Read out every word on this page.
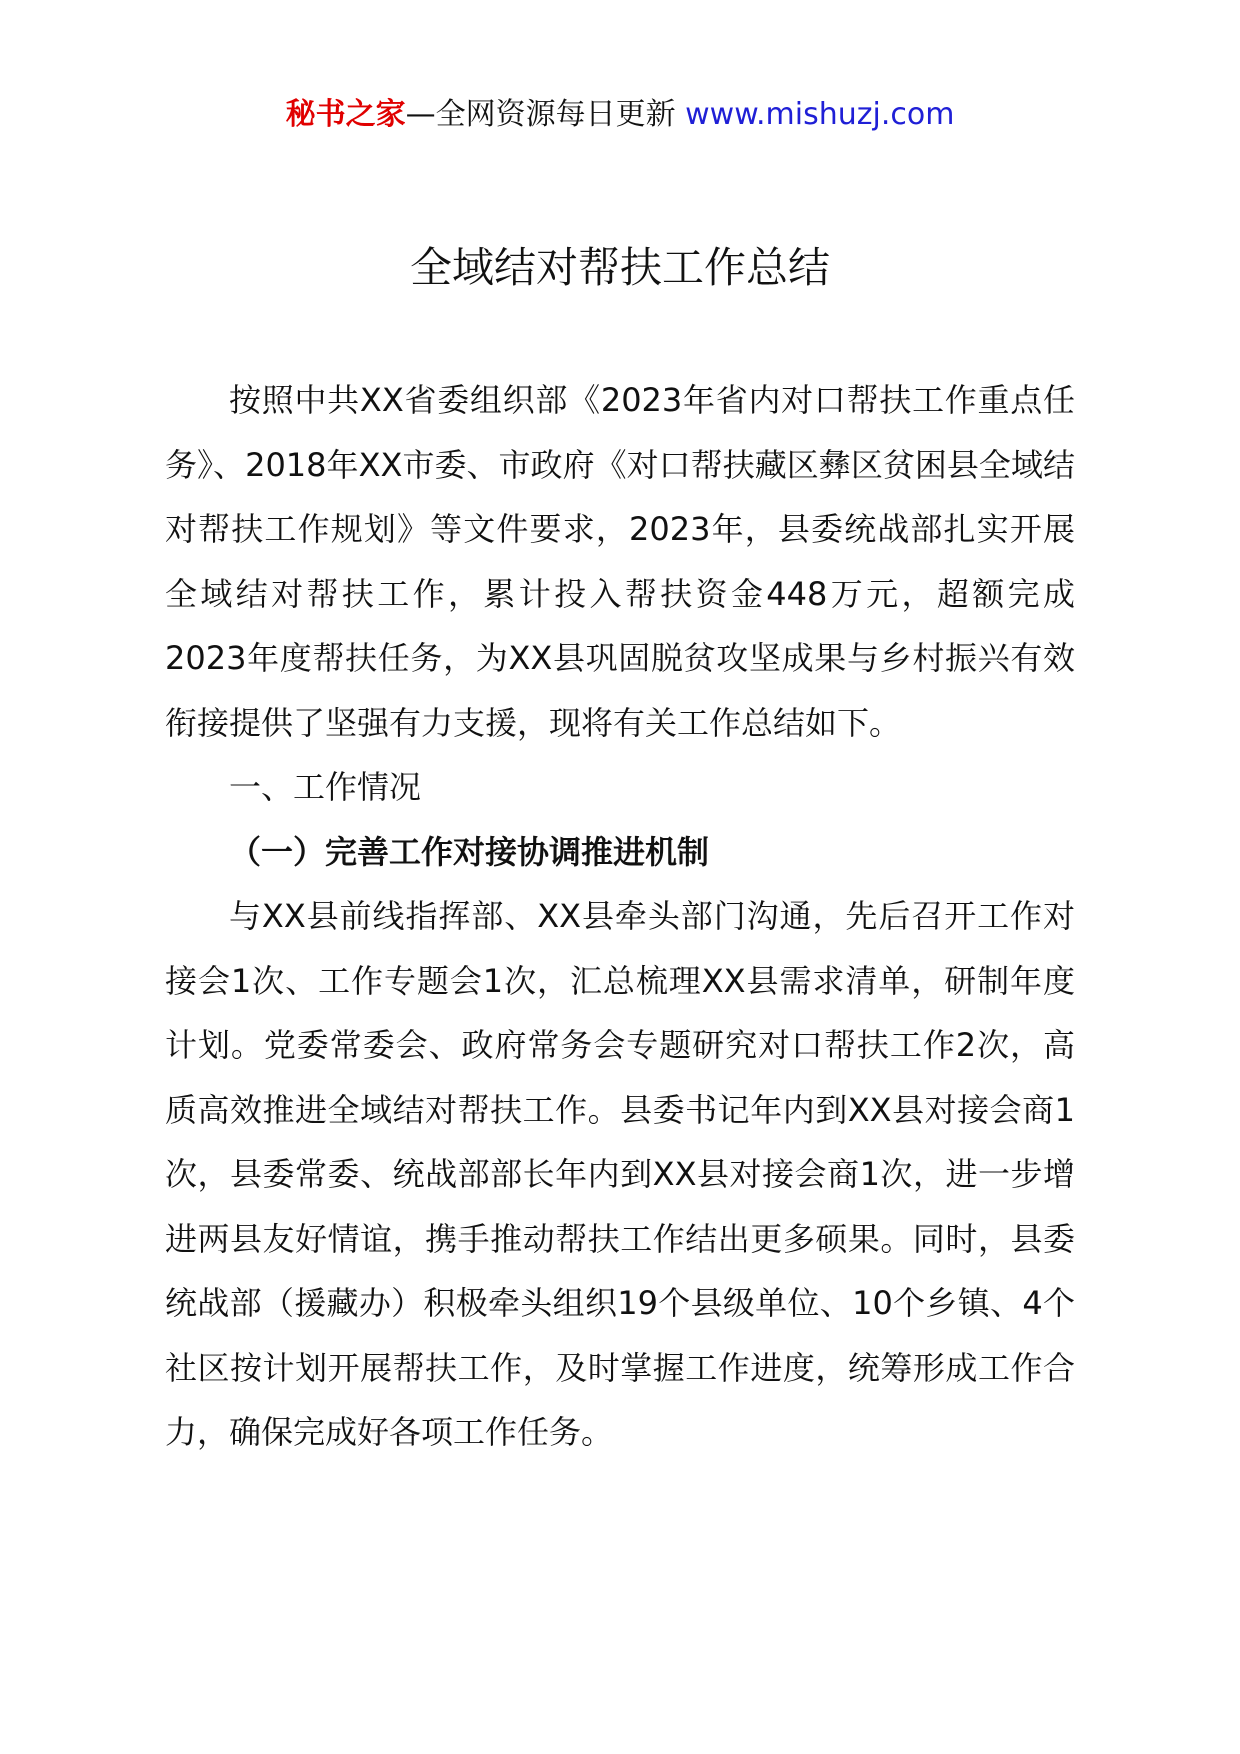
秘书之家—全网资源每日更新 www.mishuzj.com
全域结对帮扶工作总结

按照中共XX省委组织部《2023年省内对口帮扶工作重点任务》、2018年XX市委、市政府《对口帮扶藏区彝区贫困县全域结对帮扶工作规划》等文件要求，2023年，县委统战部扎实开展全域结对帮扶工作，累计投入帮扶资金448万元，超额完成2023年度帮扶任务，为XX县巩固脱贫攻坚成果与乡村振兴有效衔接提供了坚强有力支援，现将有关工作总结如下。

一、工作情况

（一）完善工作对接协调推进机制

与XX县前线指挥部、XX县牵头部门沟通，先后召开工作对接会1次、工作专题会1次，汇总梳理XX县需求清单，研制年度计划。党委常委会、政府常务会专题研究对口帮扶工作2次，高质高效推进全域结对帮扶工作。县委书记年内到XX县对接会商1次，县委常委、统战部部长年内到XX县对接会商1次，进一步增进两县友好情谊，携手推动帮扶工作结出更多硕果。同时，县委统战部（援藏办）积极牵头组织19个县级单位、10个乡镇、4个社区按计划开展帮扶工作，及时掌握工作进度，统筹形成工作合力，确保完成好各项工作任务。
